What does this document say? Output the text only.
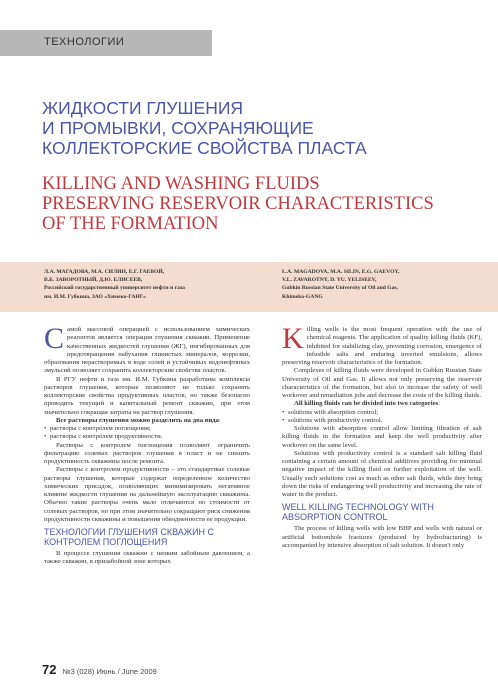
ТЕХНОЛОГИИ
ЖИДКОСТИ ГЛУШЕНИЯ
И ПРОМЫВКИ, СОХРАНЯЮЩИЕ
КОЛЛЕКТОРСКИЕ СВОЙСТВА ПЛАСТА
KILLING AND WASHING FLUIDS
PRESERVING RESERVOIR CHARACTERISTICS
OF THE FORMATION
Л.А. МАГАДОВА, М.А. СИЛИН, Е.Г. ГАЕВОЙ,
В.Б. ЗАВОРОТНЫЙ, Д.Ю. ЕЛИСЕЕВ,
Российский государственный университет нефти и газа
им. И.М. Губкина, ЗАО «Химеко-ГАНГ»
L.A. MAGADOVA, M.A. SILIN, E.G. GAEVOY,
V.L. ZAVAROTNY, D. YU. YELISEEV,
Gubkin Russian State University of Oil and Gas,
Khimeko-GANG

Самой массовой операцией с использованием химических реагентов является операция глушения скважин. Применение качественных жидкостей глушения (ЖГ), ингибированных для предотвращения набухания глинистых минералов, коррозии, образования нерастворимых в воде солей и устойчивых водонефтяных эмульсий позволяет сохранить коллекторские свойства пластов.

В РГУ нефти и газа им. И.М. Губкина разработаны комплексы растворов глушения, которые позволяют не только сохранять коллекторские свойства продуктивных пластов, но также безопасно проводить текущий и капитальный ремонт скважин, при этом значительно сокращая затраты на раствор глушения.

Все растворы глушения можно разделить на два вида:

• растворы с контролем поглощения;
• растворы с контролем продуктивности.

Растворы с контролем поглощения позволяют ограничить фильтрацию солевых растворов глушения в пласт и не снизить продуктивность скважины после ремонта.

Растворы с контролем продуктивности – это стандартные солевые растворы глушения, которые содержат определенное количество химических присадок, позволяющих минимизировать негативное влияние жидкости глушения на дальнейшую эксплуатацию скважины. Обычно такие растворы очень мало отличаются по стоимости от солевых растворов, но при этом значительно сокращают риск снижения продуктивности скважины и повышения обводненности ее продукции.

ТЕХНОЛОГИИ ГЛУШЕНИЯ СКВАЖИН С КОНТРОЛЕМ ПОГЛОЩЕНИЯ

В процессе глушения скважин с низким забойным давлением, а также скважин, в призабойной зоне которых

Killing wells is the most frequent operation with the use of chemical reagents. The application of quality killing fluids (KF), inhibited for stabilizing clay, preventing corrosion, emergence of infusible salts and enduring inverted emulsions, allows preserving reservoir characteristics of the formation.

Complexes of killing fluids were developed in Gubkin Russian State University of Oil and Gas. It allows not only preserving the reservoir characteristics of the formation, but also to increase the safety of well workover and remediation jobs and decrease the costs of the killing fluids.

All killing fluids can be divided into two categories:

• solutions with absorption control;
• solutions with productivity control.

Solutions with absorption control allow limiting filtration of salt killing fluids in the formation and keep the well productivity after workover on the same level.

Solutions with productivity control is a standard salt killing fluid containing a certain amount of chemical additives providing for minimal negative impact of the killing fluid on further exploitation of the well. Usually such solutions cost as much as other salt fluids, while they bring down the risks of endangering well productivity and increasing the rate of water in the product.

WELL KILLING TECHNOLOGY WITH ABSORPTION CONTROL

The process of killing wells with low BHP and wells with natural or artificial bottomhole fractures (produced by hydrofracturing) is accompanied by intensive absorption of salt solution. It doesn't only

72 №3 (028) Июнь / June 2009
